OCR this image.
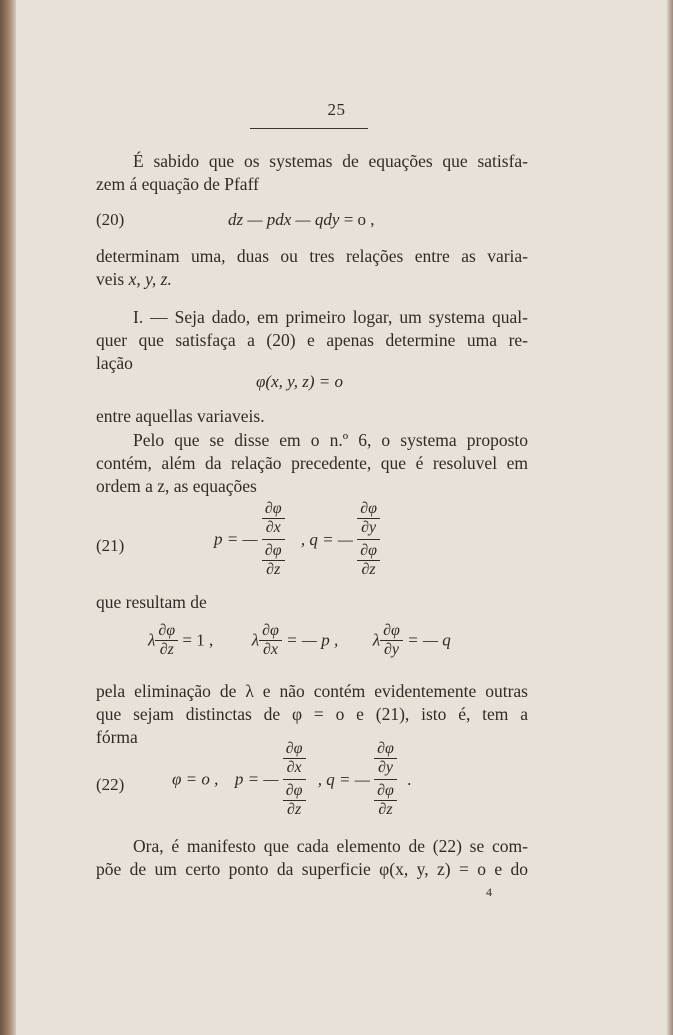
25
É sabido que os systemas de equações que satisfa-
zem á equação de Pfaff
(20)	dz — pdx — qdy = o ,
determinam uma, duas ou tres relações entre as varia-
veis x, y, z.
I. — Seja dado, em primeiro logar, um systema qual-
quer que satisfaça a (20) e apenas determine uma re-
lação
φ(x, y, z) = o
entre aquellas variaveis.
Pelo que se disse em o n.º 6, o systema proposto
contém, além da relação precedente, que é resoluvel em
ordem a z, as equações
(21)	p = — $\frac{\frac{\partial\varphi}{\partial x}}{\frac{\partial\varphi}{\partial z}}$ , q = — $\frac{\frac{\partial\varphi}{\partial y}}{\frac{\partial\varphi}{\partial z}}$
que resultam de
λ $\frac{\partial\varphi}{\partial z} = 1$ , λ $\frac{\partial\varphi}{\partial x}$ = — p , λ $\frac{\partial\varphi}{\partial y}$ = — q
pela eliminação de λ e não contém evidentemente outras
que sejam distinctas de φ = o e (21), isto é, tem a
fórma
(22)	φ = o , p = — $\frac{\frac{\partial\varphi}{\partial x}}{\frac{\partial\varphi}{\partial z}}$ , q = — $\frac{\frac{\partial\varphi}{\partial y}}{\frac{\partial\varphi}{\partial z}}$ .
Ora, é manifesto que cada elemento de (22) se com-
põe de um certo ponto da superficie φ(x, y, z) = o e do
4
